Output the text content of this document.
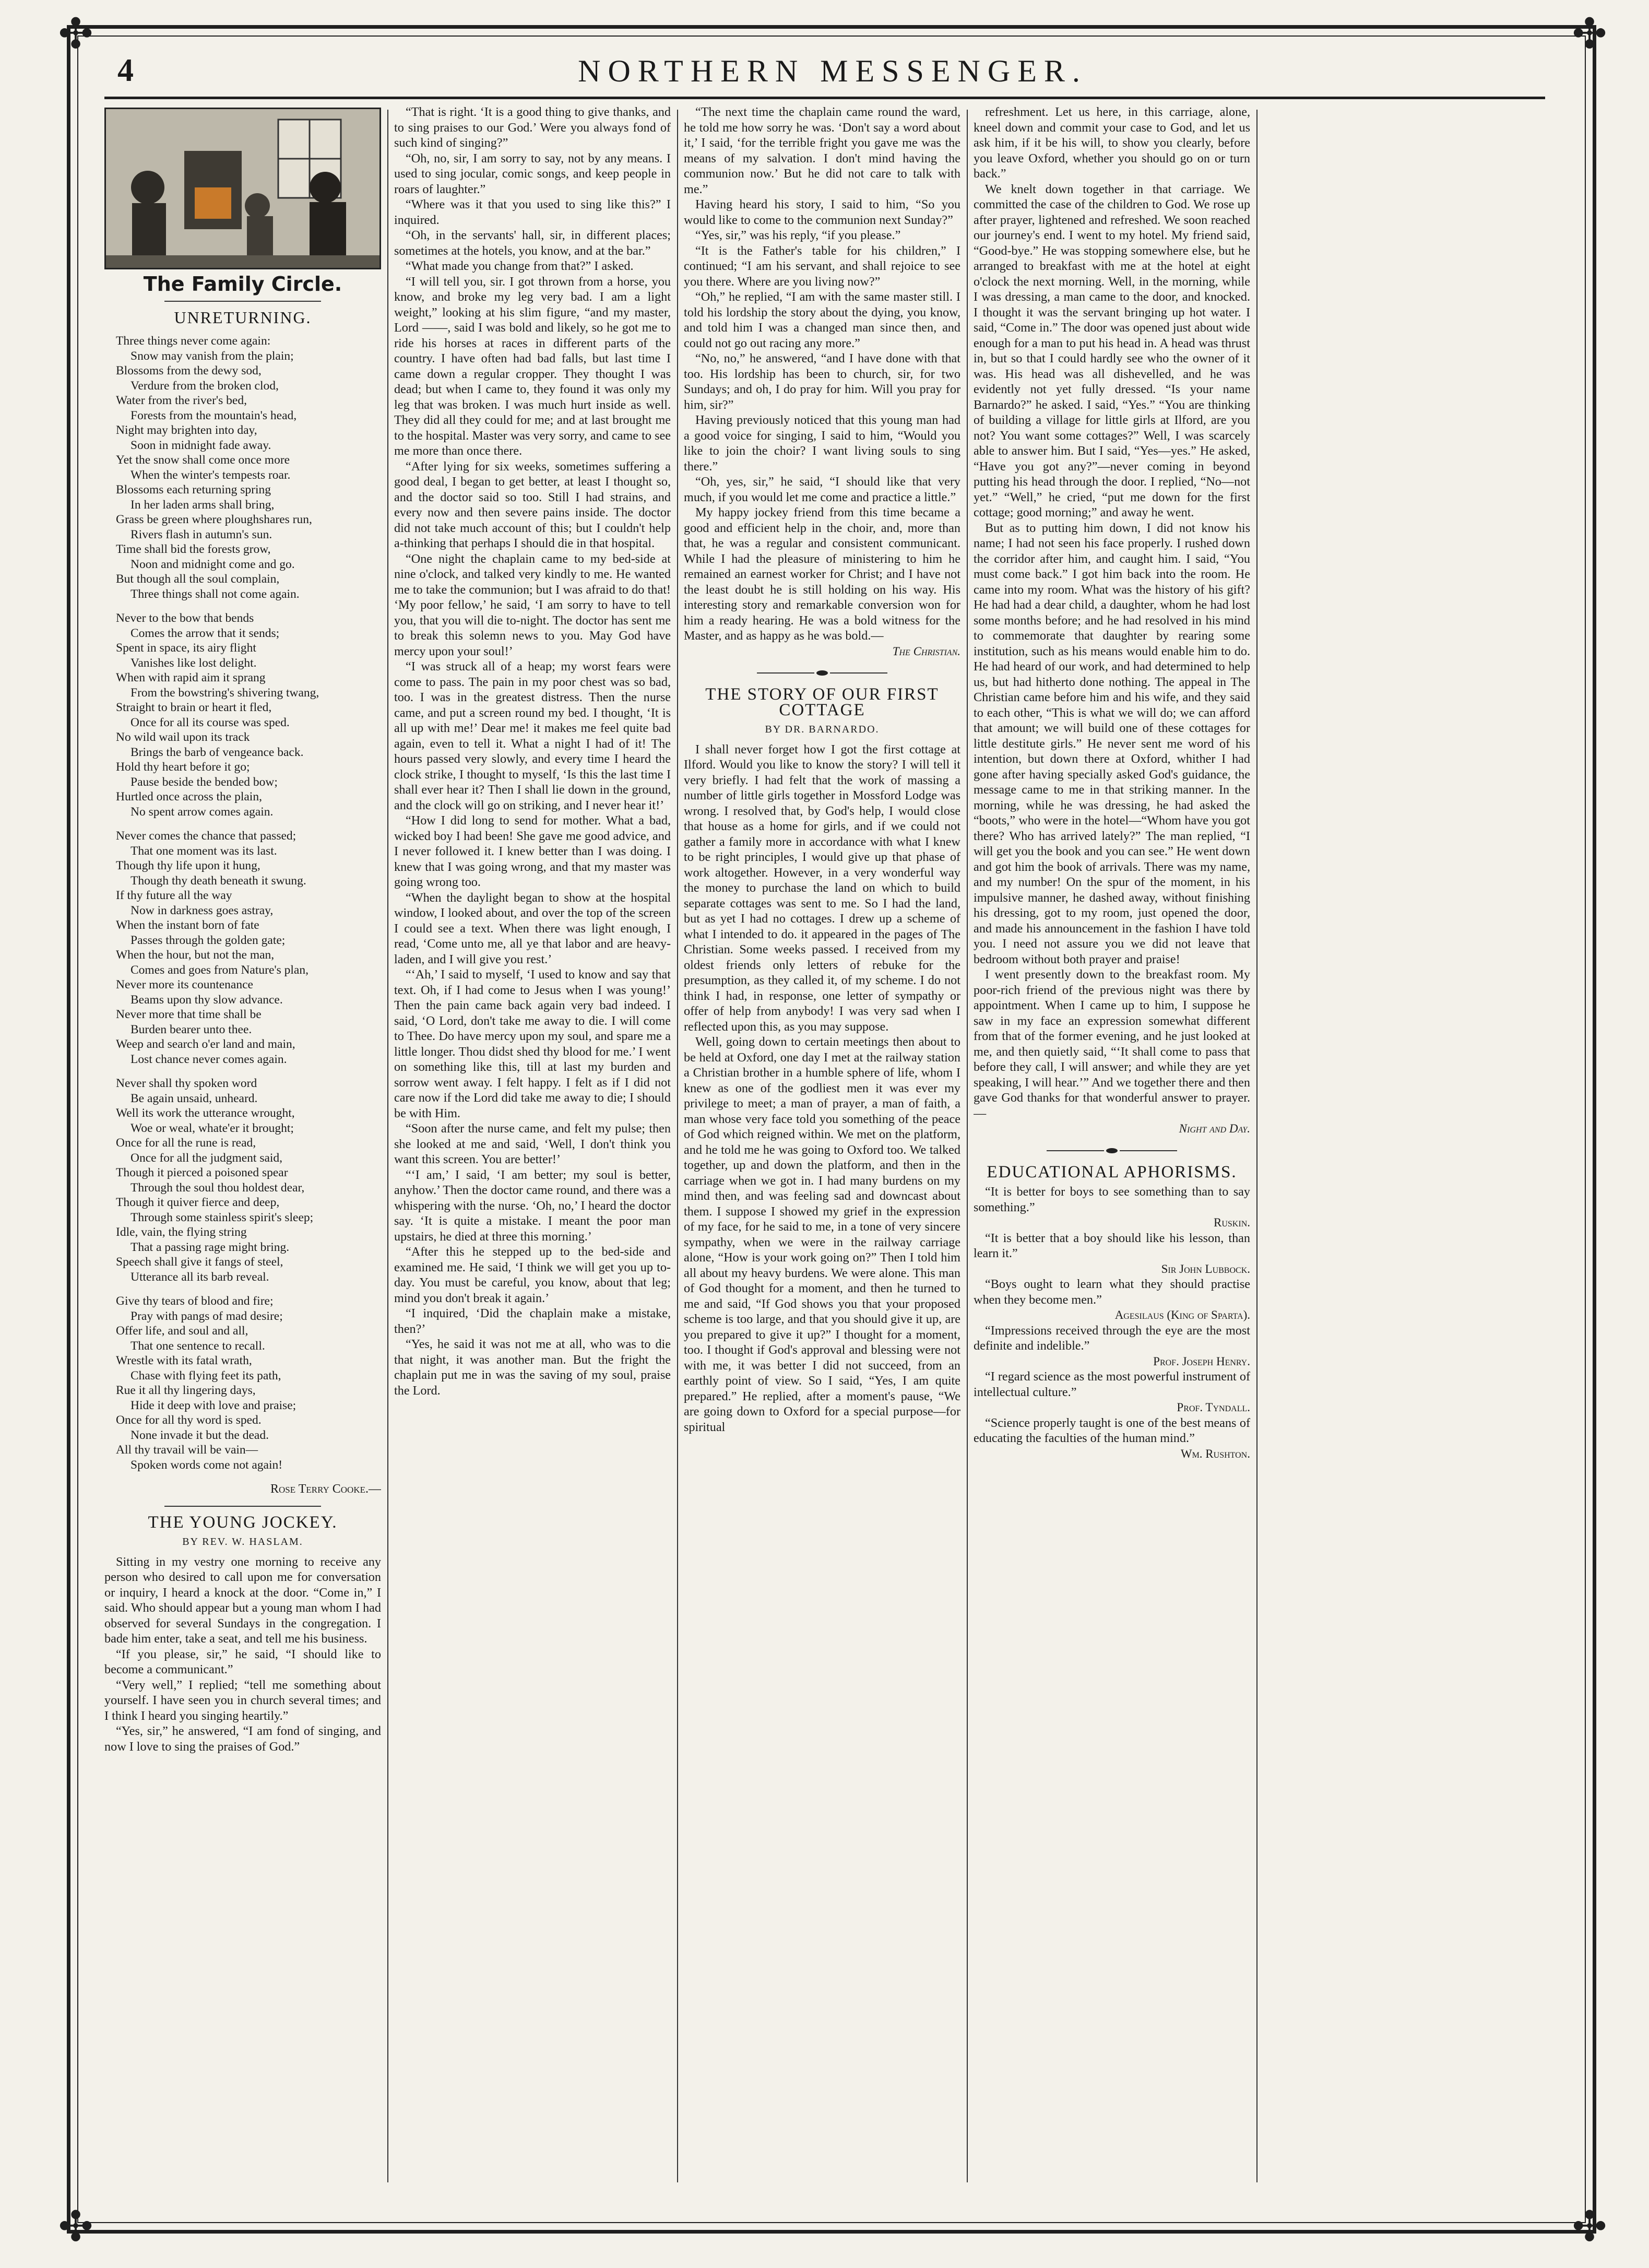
✣	✣
✣	✣
4	NORTHERN MESSENGER.
The Family Circle.
UNRETURNING.
Three things never come again:
Snow may vanish from the plain;
Blossoms from the dewy sod,
Verdure from the broken clod,
Water from the river's bed,
Forests from the mountain's head,
Night may brighten into day,
Soon in midnight fade away.
Yet the snow shall come once more
When the winter's tempests roar.
Blossoms each returning spring
In her laden arms shall bring,
Grass be green where ploughshares run,
Rivers flash in autumn's sun.
Time shall bid the forests grow,
Noon and midnight come and go.
But though all the soul complain,
Three things shall not come again.
Never to the bow that bends
Comes the arrow that it sends;
Spent in space, its airy flight
Vanishes like lost delight.
When with rapid aim it sprang
From the bowstring's shivering twang,
Straight to brain or heart it fled,
Once for all its course was sped.
No wild wail upon its track
Brings the barb of vengeance back.
Hold thy heart before it go;
Pause beside the bended bow;
Hurtled once across the plain,
No spent arrow comes again.
Never comes the chance that passed;
That one moment was its last.
Though thy life upon it hung,
Though thy death beneath it swung.
If thy future all the way
Now in darkness goes astray,
When the instant born of fate
Passes through the golden gate;
When the hour, but not the man,
Comes and goes from Nature's plan,
Never more its countenance
Beams upon thy slow advance.
Never more that time shall be
Burden bearer unto thee.
Weep and search o'er land and main,
Lost chance never comes again.
Never shall thy spoken word
Be again unsaid, unheard.
Well its work the utterance wrought,
Woe or weal, whate'er it brought;
Once for all the rune is read,
Once for all the judgment said,
Though it pierced a poisoned spear
Through the soul thou holdest dear,
Though it quiver fierce and deep,
Through some stainless spirit's sleep;
Idle, vain, the flying string
That a passing rage might bring.
Speech shall give it fangs of steel,
Utterance all its barb reveal.
Give thy tears of blood and fire;
Pray with pangs of mad desire;
Offer life, and soul and all,
That one sentence to recall.
Wrestle with its fatal wrath,
Chase with flying feet its path,
Rue it all thy lingering days,
Hide it deep with love and praise;
Once for all thy word is sped.
None invade it but the dead.
All thy travail will be vain—
Spoken words come not again!
Rose Terry Cooke.—
THE YOUNG JOCKEY.
BY REV. W. HASLAM.

Sitting in my vestry one morning to receive any person who desired to call upon me for conversation or inquiry, I heard a knock at the door. “Come in,” I said. Who should appear but a young man whom I had observed for several Sundays in the congregation. I bade him enter, take a seat, and tell me his business.

“If you please, sir,” he said, “I should like to become a communicant.”

“Very well,” I replied; “tell me something about yourself. I have seen you in church several times; and I think I heard you singing heartily.”

“Yes, sir,” he answered, “I am fond of singing, and now I love to sing the praises of God.”

“That is right. ‘It is a good thing to give thanks, and to sing praises to our God.’ Were you always fond of such kind of singing?”

“Oh, no, sir, I am sorry to say, not by any means. I used to sing jocular, comic songs, and keep people in roars of laughter.”

“Where was it that you used to sing like this?” I inquired.

“Oh, in the servants' hall, sir, in different places; sometimes at the hotels, you know, and at the bar.”

“What made you change from that?” I asked.

“I will tell you, sir. I got thrown from a horse, you know, and broke my leg very bad. I am a light weight,” looking at his slim figure, “and my master, Lord ——, said I was bold and likely, so he got me to ride his horses at races in different parts of the country. I have often had bad falls, but last time I came down a regular cropper. They thought I was dead; but when I came to, they found it was only my leg that was broken. I was much hurt inside as well. They did all they could for me; and at last brought me to the hospital. Master was very sorry, and came to see me more than once there.

“After lying for six weeks, sometimes suffering a good deal, I began to get better, at least I thought so, and the doctor said so too. Still I had strains, and every now and then severe pains inside. The doctor did not take much account of this; but I couldn't help a-thinking that perhaps I should die in that hospital.

“One night the chaplain came to my bed-side at nine o'clock, and talked very kindly to me. He wanted me to take the communion; but I was afraid to do that! ‘My poor fellow,’ he said, ‘I am sorry to have to tell you, that you will die to-night. The doctor has sent me to break this solemn news to you. May God have mercy upon your soul!’

“I was struck all of a heap; my worst fears were come to pass. The pain in my poor chest was so bad, too. I was in the greatest distress. Then the nurse came, and put a screen round my bed. I thought, ‘It is all up with me!’ Dear me! it makes me feel quite bad again, even to tell it. What a night I had of it! The hours passed very slowly, and every time I heard the clock strike, I thought to myself, ‘Is this the last time I shall ever hear it? Then I shall lie down in the ground, and the clock will go on striking, and I never hear it!’

“How I did long to send for mother. What a bad, wicked boy I had been! She gave me good advice, and I never followed it. I knew better than I was doing. I knew that I was going wrong, and that my master was going wrong too.

“When the daylight began to show at the hospital window, I looked about, and over the top of the screen I could see a text. When there was light enough, I read, ‘Come unto me, all ye that labor and are heavy-laden, and I will give you rest.’

“‘Ah,’ I said to myself, ‘I used to know and say that text. Oh, if I had come to Jesus when I was young!’ Then the pain came back again very bad indeed. I said, ‘O Lord, don't take me away to die. I will come to Thee. Do have mercy upon my soul, and spare me a little longer. Thou didst shed thy blood for me.’ I went on something like this, till at last my burden and sorrow went away. I felt happy. I felt as if I did not care now if the Lord did take me away to die; I should be with Him.

“Soon after the nurse came, and felt my pulse; then she looked at me and said, ‘Well, I don't think you want this screen. You are better!’

“‘I am,’ I said, ‘I am better; my soul is better, anyhow.’ Then the doctor came round, and there was a whispering with the nurse. ‘Oh, no,’ I heard the doctor say. ‘It is quite a mistake. I meant the poor man upstairs, he died at three this morning.’

“After this he stepped up to the bed-side and examined me. He said, ‘I think we will get you up to-day. You must be careful, you know, about that leg; mind you don't break it again.’

“I inquired, ‘Did the chaplain make a mistake, then?’

“Yes, he said it was not me at all, who was to die that night, it was another man. But the fright the chaplain put me in was the saving of my soul, praise the Lord.

“The next time the chaplain came round the ward, he told me how sorry he was. ‘Don't say a word about it,’ I said, ‘for the terrible fright you gave me was the means of my salvation. I don't mind having the communion now.’ But he did not care to talk with me.”

Having heard his story, I said to him, “So you would like to come to the communion next Sunday?”

“Yes, sir,” was his reply, “if you please.”

“It is the Father's table for his children,” I continued; “I am his servant, and shall rejoice to see you there. Where are you living now?”

“Oh,” he replied, “I am with the same master still. I told his lordship the story about the dying, you know, and told him I was a changed man since then, and could not go out racing any more.”

“No, no,” he answered, “and I have done with that too. His lordship has been to church, sir, for two Sundays; and oh, I do pray for him. Will you pray for him, sir?”

Having previously noticed that this young man had a good voice for singing, I said to him, “Would you like to join the choir? I want living souls to sing there.”

“Oh, yes, sir,” he said, “I should like that very much, if you would let me come and practice a little.”

My happy jockey friend from this time became a good and efficient help in the choir, and, more than that, he was a regular and consistent communicant. While I had the pleasure of ministering to him he remained an earnest worker for Christ; and I have not the least doubt he is still holding on his way. His interesting story and remarkable conversion won for him a ready hearing. He was a bold witness for the Master, and as happy as he was bold.—

The Christian.
THE STORY OF OUR FIRST COTTAGE
BY DR. BARNARDO.

I shall never forget how I got the first cottage at Ilford. Would you like to know the story? I will tell it very briefly. I had felt that the work of massing a number of little girls together in Mossford Lodge was wrong. I resolved that, by God's help, I would close that house as a home for girls, and if we could not gather a family more in accordance with what I knew to be right principles, I would give up that phase of work altogether. However, in a very wonderful way the money to purchase the land on which to build separate cottages was sent to me. So I had the land, but as yet I had no cottages. I drew up a scheme of what I intended to do. it appeared in the pages of The Christian. Some weeks passed. I received from my oldest friends only letters of rebuke for the presumption, as they called it, of my scheme. I do not think I had, in response, one letter of sympathy or offer of help from anybody! I was very sad when I reflected upon this, as you may suppose.

Well, going down to certain meetings then about to be held at Oxford, one day I met at the railway station a Christian brother in a humble sphere of life, whom I knew as one of the godliest men it was ever my privilege to meet; a man of prayer, a man of faith, a man whose very face told you something of the peace of God which reigned within. We met on the platform, and he told me he was going to Oxford too. We talked together, up and down the platform, and then in the carriage when we got in. I had many burdens on my mind then, and was feeling sad and downcast about them. I suppose I showed my grief in the expression of my face, for he said to me, in a tone of very sincere sympathy, when we were in the railway carriage alone, “How is your work going on?” Then I told him all about my heavy burdens. We were alone. This man of God thought for a moment, and then he turned to me and said, “If God shows you that your proposed scheme is too large, and that you should give it up, are you prepared to give it up?” I thought for a moment, too. I thought if God's approval and blessing were not with me, it was better I did not succeed, from an earthly point of view. So I said, “Yes, I am quite prepared.” He replied, after a moment's pause, “We are going down to Oxford for a special purpose—for spiritual

refreshment. Let us here, in this carriage, alone, kneel down and commit your case to God, and let us ask him, if it be his will, to show you clearly, before you leave Oxford, whether you should go on or turn back.”

We knelt down together in that carriage. We committed the case of the children to God. We rose up after prayer, lightened and refreshed. We soon reached our journey's end. I went to my hotel. My friend said, “Good-bye.” He was stopping somewhere else, but he arranged to breakfast with me at the hotel at eight o'clock the next morning. Well, in the morning, while I was dressing, a man came to the door, and knocked. I thought it was the servant bringing up hot water. I said, “Come in.” The door was opened just about wide enough for a man to put his head in. A head was thrust in, but so that I could hardly see who the owner of it was. His head was all dishevelled, and he was evidently not yet fully dressed. “Is your name Barnardo?” he asked. I said, “Yes.” “You are thinking of building a village for little girls at Ilford, are you not? You want some cottages?” Well, I was scarcely able to answer him. But I said, “Yes—yes.” He asked, “Have you got any?”—never coming in beyond putting his head through the door. I replied, “No—not yet.” “Well,” he cried, “put me down for the first cottage; good morning;” and away he went.

But as to putting him down, I did not know his name; I had not seen his face properly. I rushed down the corridor after him, and caught him. I said, “You must come back.” I got him back into the room. He came into my room. What was the history of his gift? He had had a dear child, a daughter, whom he had lost some months before; and he had resolved in his mind to commemorate that daughter by rearing some institution, such as his means would enable him to do. He had heard of our work, and had determined to help us, but had hitherto done nothing. The appeal in The Christian came before him and his wife, and they said to each other, “This is what we will do; we can afford that amount; we will build one of these cottages for little destitute girls.” He never sent me word of his intention, but down there at Oxford, whither I had gone after having specially asked God's guidance, the message came to me in that striking manner. In the morning, while he was dressing, he had asked the “boots,” who were in the hotel—“Whom have you got there? Who has arrived lately?” The man replied, “I will get you the book and you can see.” He went down and got him the book of arrivals. There was my name, and my number! On the spur of the moment, in his impulsive manner, he dashed away, without finishing his dressing, got to my room, just opened the door, and made his announcement in the fashion I have told you. I need not assure you we did not leave that bedroom without both prayer and praise!

I went presently down to the breakfast room. My poor-rich friend of the previous night was there by appointment. When I came up to him, I suppose he saw in my face an expression somewhat different from that of the former evening, and he just looked at me, and then quietly said, “‘It shall come to pass that before they call, I will answer; and while they are yet speaking, I will hear.’” And we together there and then gave God thanks for that wonderful answer to prayer.—

Night and Day.
EDUCATIONAL APHORISMS.

“It is better for boys to see something than to say something.”

Ruskin.

“It is better that a boy should like his lesson, than learn it.”

Sir John Lubbock.

“Boys ought to learn what they should practise when they become men.”

Agesilaus (King of Sparta).

“Impressions received through the eye are the most definite and indelible.”

Prof. Joseph Henry.

“I regard science as the most powerful instrument of intellectual culture.”

Prof. Tyndall.

“Science properly taught is one of the best means of educating the faculties of the human mind.”

Wm. Rushton.
